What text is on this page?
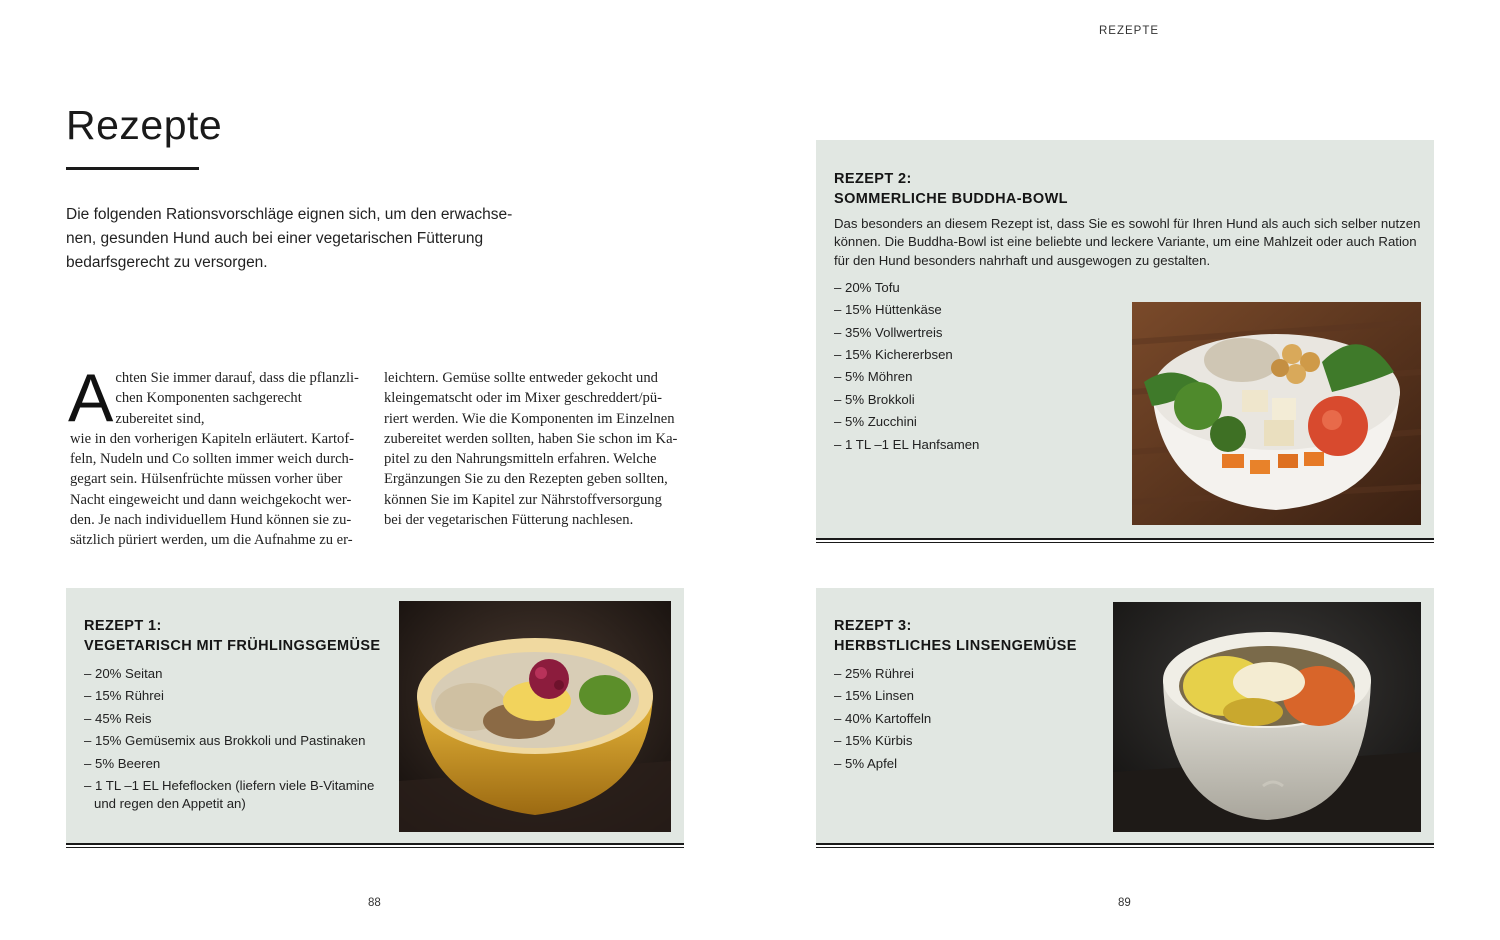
REZEPTE
Rezepte

Die folgenden Rationsvorschläge eignen sich, um den erwachse-
nen, gesunden Hund auch bei einer vegetarischen Fütterung
bedarfsgerecht zu versorgen.

A chten Sie immer darauf, dass die pflanzli-
chen Komponenten sachgerecht zubereitet sind,
wie in den vorherigen Kapiteln erläutert. Kartof-
feln, Nudeln und Co sollten immer weich durch-
gegart sein. Hülsenfrüchte müssen vorher über
Nacht eingeweicht und dann weichgekocht wer-
den. Je nach individuellem Hund können sie zu-
sätzlich püriert werden, um die Aufnahme zu er-

leichtern. Gemüse sollte entweder gekocht und
kleingematscht oder im Mixer geschreddert/pü-
riert werden. Wie die Komponenten im Einzelnen
zubereitet werden sollten, haben Sie schon im Ka-
pitel zu den Nahrungsmitteln erfahren. Welche
Ergänzungen Sie zu den Rezepten geben sollten,
können Sie im Kapitel zur Nährstoffversorgung
bei der vegetarischen Fütterung nachlesen.

REZEPT 1:

VEGETARISCH MIT FRÜHLINGSGEMÜSE

– 20% Seitan
– 15% Rührei
– 45% Reis
– 15% Gemüsemix aus Brokkoli und Pastinaken
– 5% Beeren
– 1 TL –1 EL Hefeflocken (liefern viele B-Vitamine und regen den Appetit an)

REZEPT 2:

SOMMERLICHE BUDDHA-BOWL

Das besonders an diesem Rezept ist, dass Sie es sowohl für Ihren Hund als auch sich selber nutzen
können. Die Buddha-Bowl ist eine beliebte und leckere Variante, um eine Mahlzeit oder auch Ration
für den Hund besonders nahrhaft und ausgewogen zu gestalten.

– 20% Tofu
– 15% Hüttenkäse
– 35% Vollwertreis
– 15% Kichererbsen
– 5% Möhren
– 5% Brokkoli
– 5% Zucchini
– 1 TL –1 EL Hanfsamen

REZEPT 3:

HERBSTLICHES LINSENGEMÜSE

– 25% Rührei
– 15% Linsen
– 40% Kartoffeln
– 15% Kürbis
– 5% Apfel
88	89
